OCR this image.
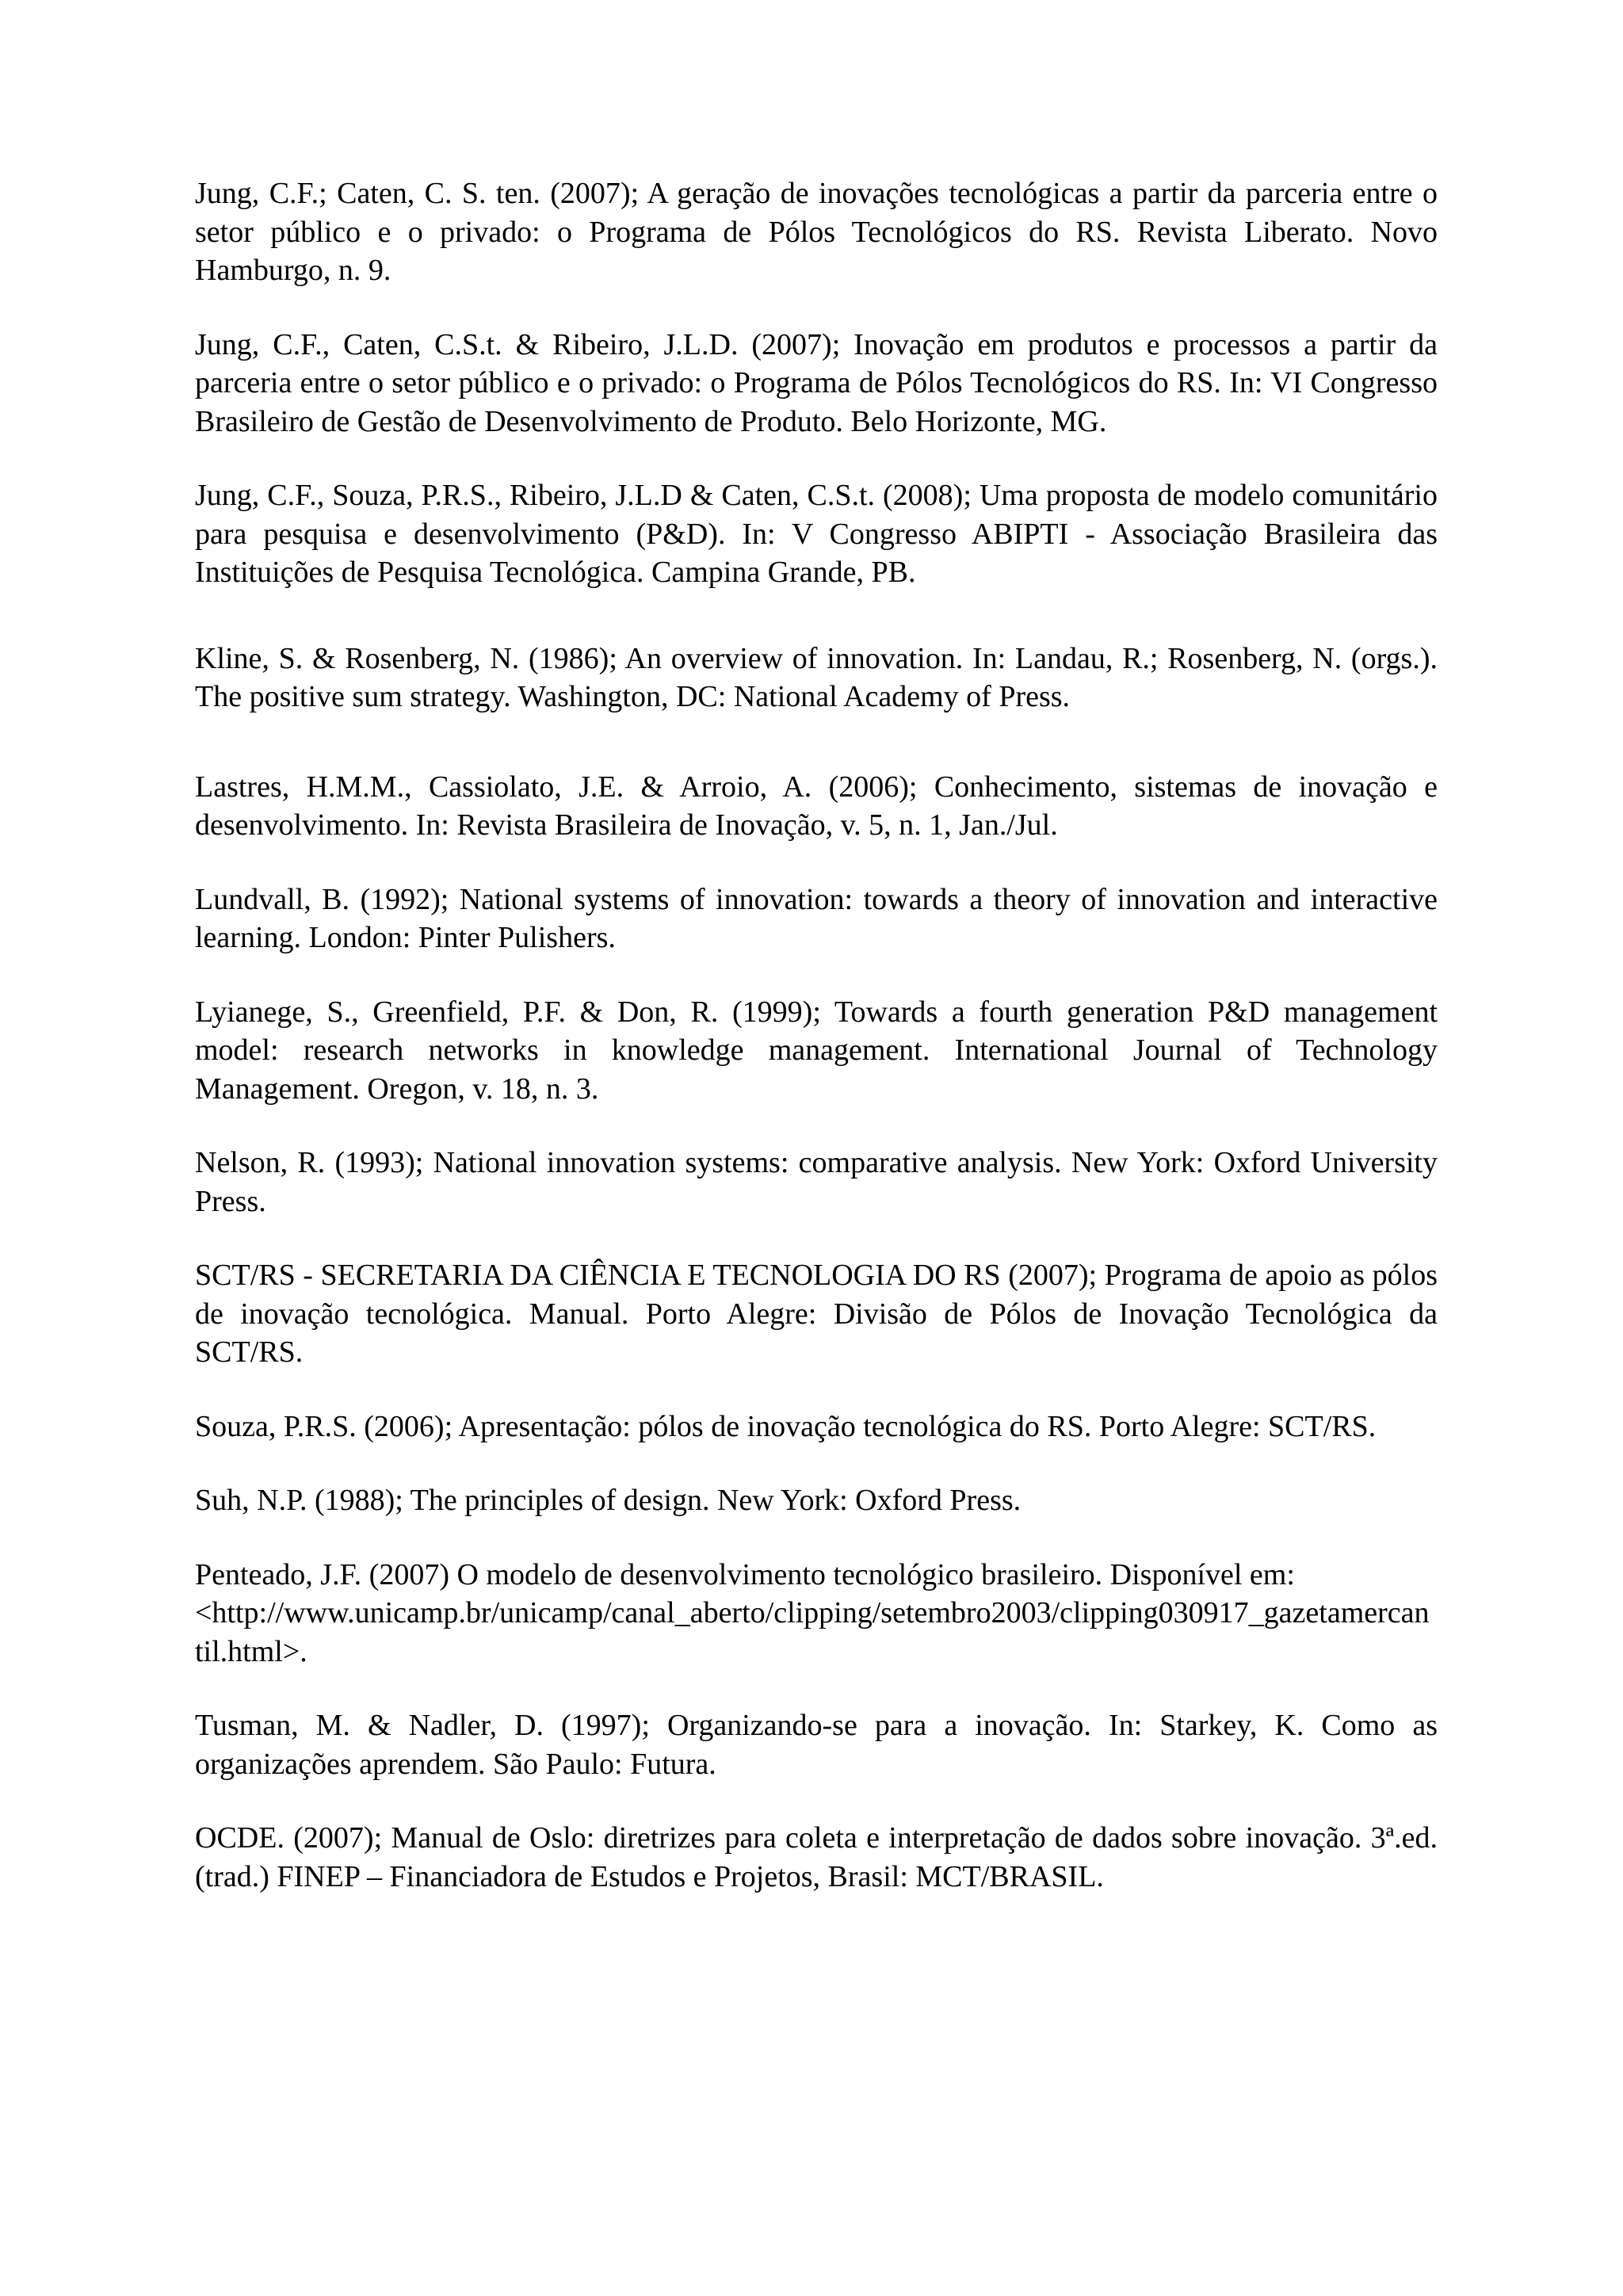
Jung, C.F.; Caten, C. S. ten. (2007); A geração de inovações tecnológicas a partir da parceria entre o setor público e o privado: o Programa de Pólos Tecnológicos do RS. Revista Liberato. Novo Hamburgo, n. 9.

Jung, C.F., Caten, C.S.t. & Ribeiro, J.L.D. (2007); Inovação em produtos e processos a partir da parceria entre o setor público e o privado: o Programa de Pólos Tecnológicos do RS. In: VI Congresso Brasileiro de Gestão de Desenvolvimento de Produto. Belo Horizonte, MG.

Jung, C.F., Souza, P.R.S., Ribeiro, J.L.D & Caten, C.S.t. (2008); Uma proposta de modelo comunitário para pesquisa e desenvolvimento (P&D). In: V Congresso ABIPTI - Associação Brasileira das Instituições de Pesquisa Tecnológica. Campina Grande, PB.

Kline, S. & Rosenberg, N. (1986); An overview of innovation. In: Landau, R.; Rosenberg, N. (orgs.). The positive sum strategy. Washington, DC: National Academy of Press.

Lastres, H.M.M., Cassiolato, J.E. & Arroio, A. (2006); Conhecimento, sistemas de inovação e desenvolvimento. In: Revista Brasileira de Inovação, v. 5, n. 1, Jan./Jul.

Lundvall, B. (1992); National systems of innovation: towards a theory of innovation and interactive learning. London: Pinter Pulishers.

Lyianege, S., Greenfield, P.F. & Don, R. (1999); Towards a fourth generation P&D management model: research networks in knowledge management. International Journal of Technology Management. Oregon, v. 18, n. 3.

Nelson, R. (1993); National innovation systems: comparative analysis. New York: Oxford University Press.

SCT/RS - SECRETARIA DA CIÊNCIA E TECNOLOGIA DO RS (2007); Programa de apoio as pólos de inovação tecnológica. Manual. Porto Alegre: Divisão de Pólos de Inovação Tecnológica da SCT/RS.

Souza, P.R.S. (2006); Apresentação: pólos de inovação tecnológica do RS. Porto Alegre: SCT/RS.

Suh, N.P. (1988); The principles of design. New York: Oxford Press.

Penteado, J.F. (2007) O modelo de desenvolvimento tecnológico brasileiro. Disponível em:

<http://www.unicamp.br/unicamp/canal_aberto/clipping/setembro2003/clipping030917_gazetamercantil.html>.

Tusman, M. & Nadler, D. (1997); Organizando-se para a inovação. In: Starkey, K. Como as organizações aprendem. São Paulo: Futura.

OCDE. (2007); Manual de Oslo: diretrizes para coleta e interpretação de dados sobre inovação. 3ª.ed. (trad.) FINEP – Financiadora de Estudos e Projetos, Brasil: MCT/BRASIL.
